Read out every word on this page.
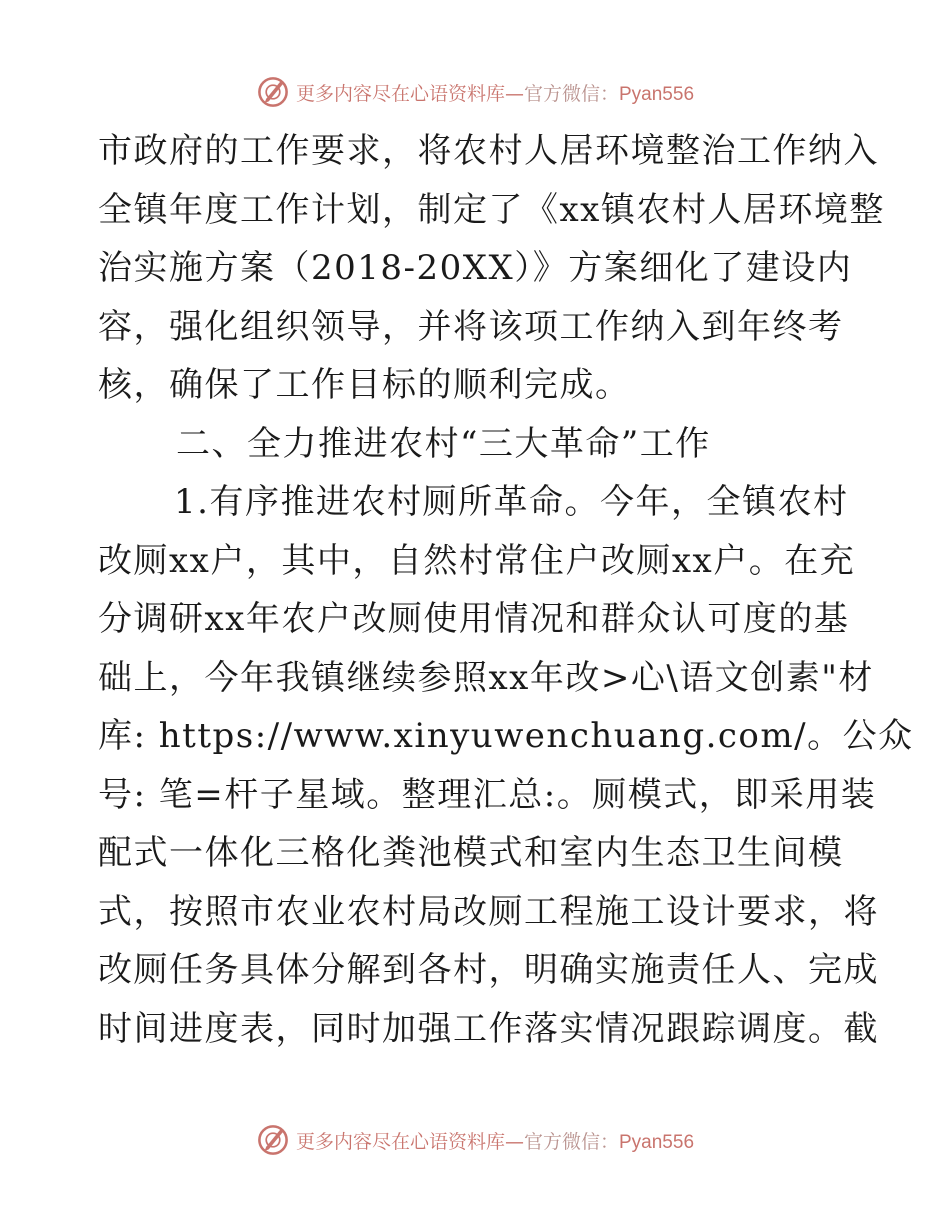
更多内容尽在心语资料库—官方微信：Pyan556
市政府的工作要求，将农村人居环境整治工作纳入
全镇年度工作计划，制定了《xx镇农村人居环境整
治实施方案（2018-20XX）》方案细化了建设内
容，强化组织领导，并将该项工作纳入到年终考
核，确保了工作目标的顺利完成。
二、全力推进农村“三大革命”工作
1.有序推进农村厕所革命。今年，全镇农村
改厕xx户，其中，自然村常住户改厕xx户。在充
分调研xx年农户改厕使用情况和群众认可度的基
础上，今年我镇继续参照xx年改>心\语文创素"材
库: https://www.xinyuwenchuang.com/。公众
号: 笔=杆子星域。整理汇总:。厕模式，即采用装
配式一体化三格化粪池模式和室内生态卫生间模
式，按照市农业农村局改厕工程施工设计要求，将
改厕任务具体分解到各村，明确实施责任人、完成
时间进度表，同时加强工作落实情况跟踪调度。截
更多内容尽在心语资料库—官方微信：Pyan556
